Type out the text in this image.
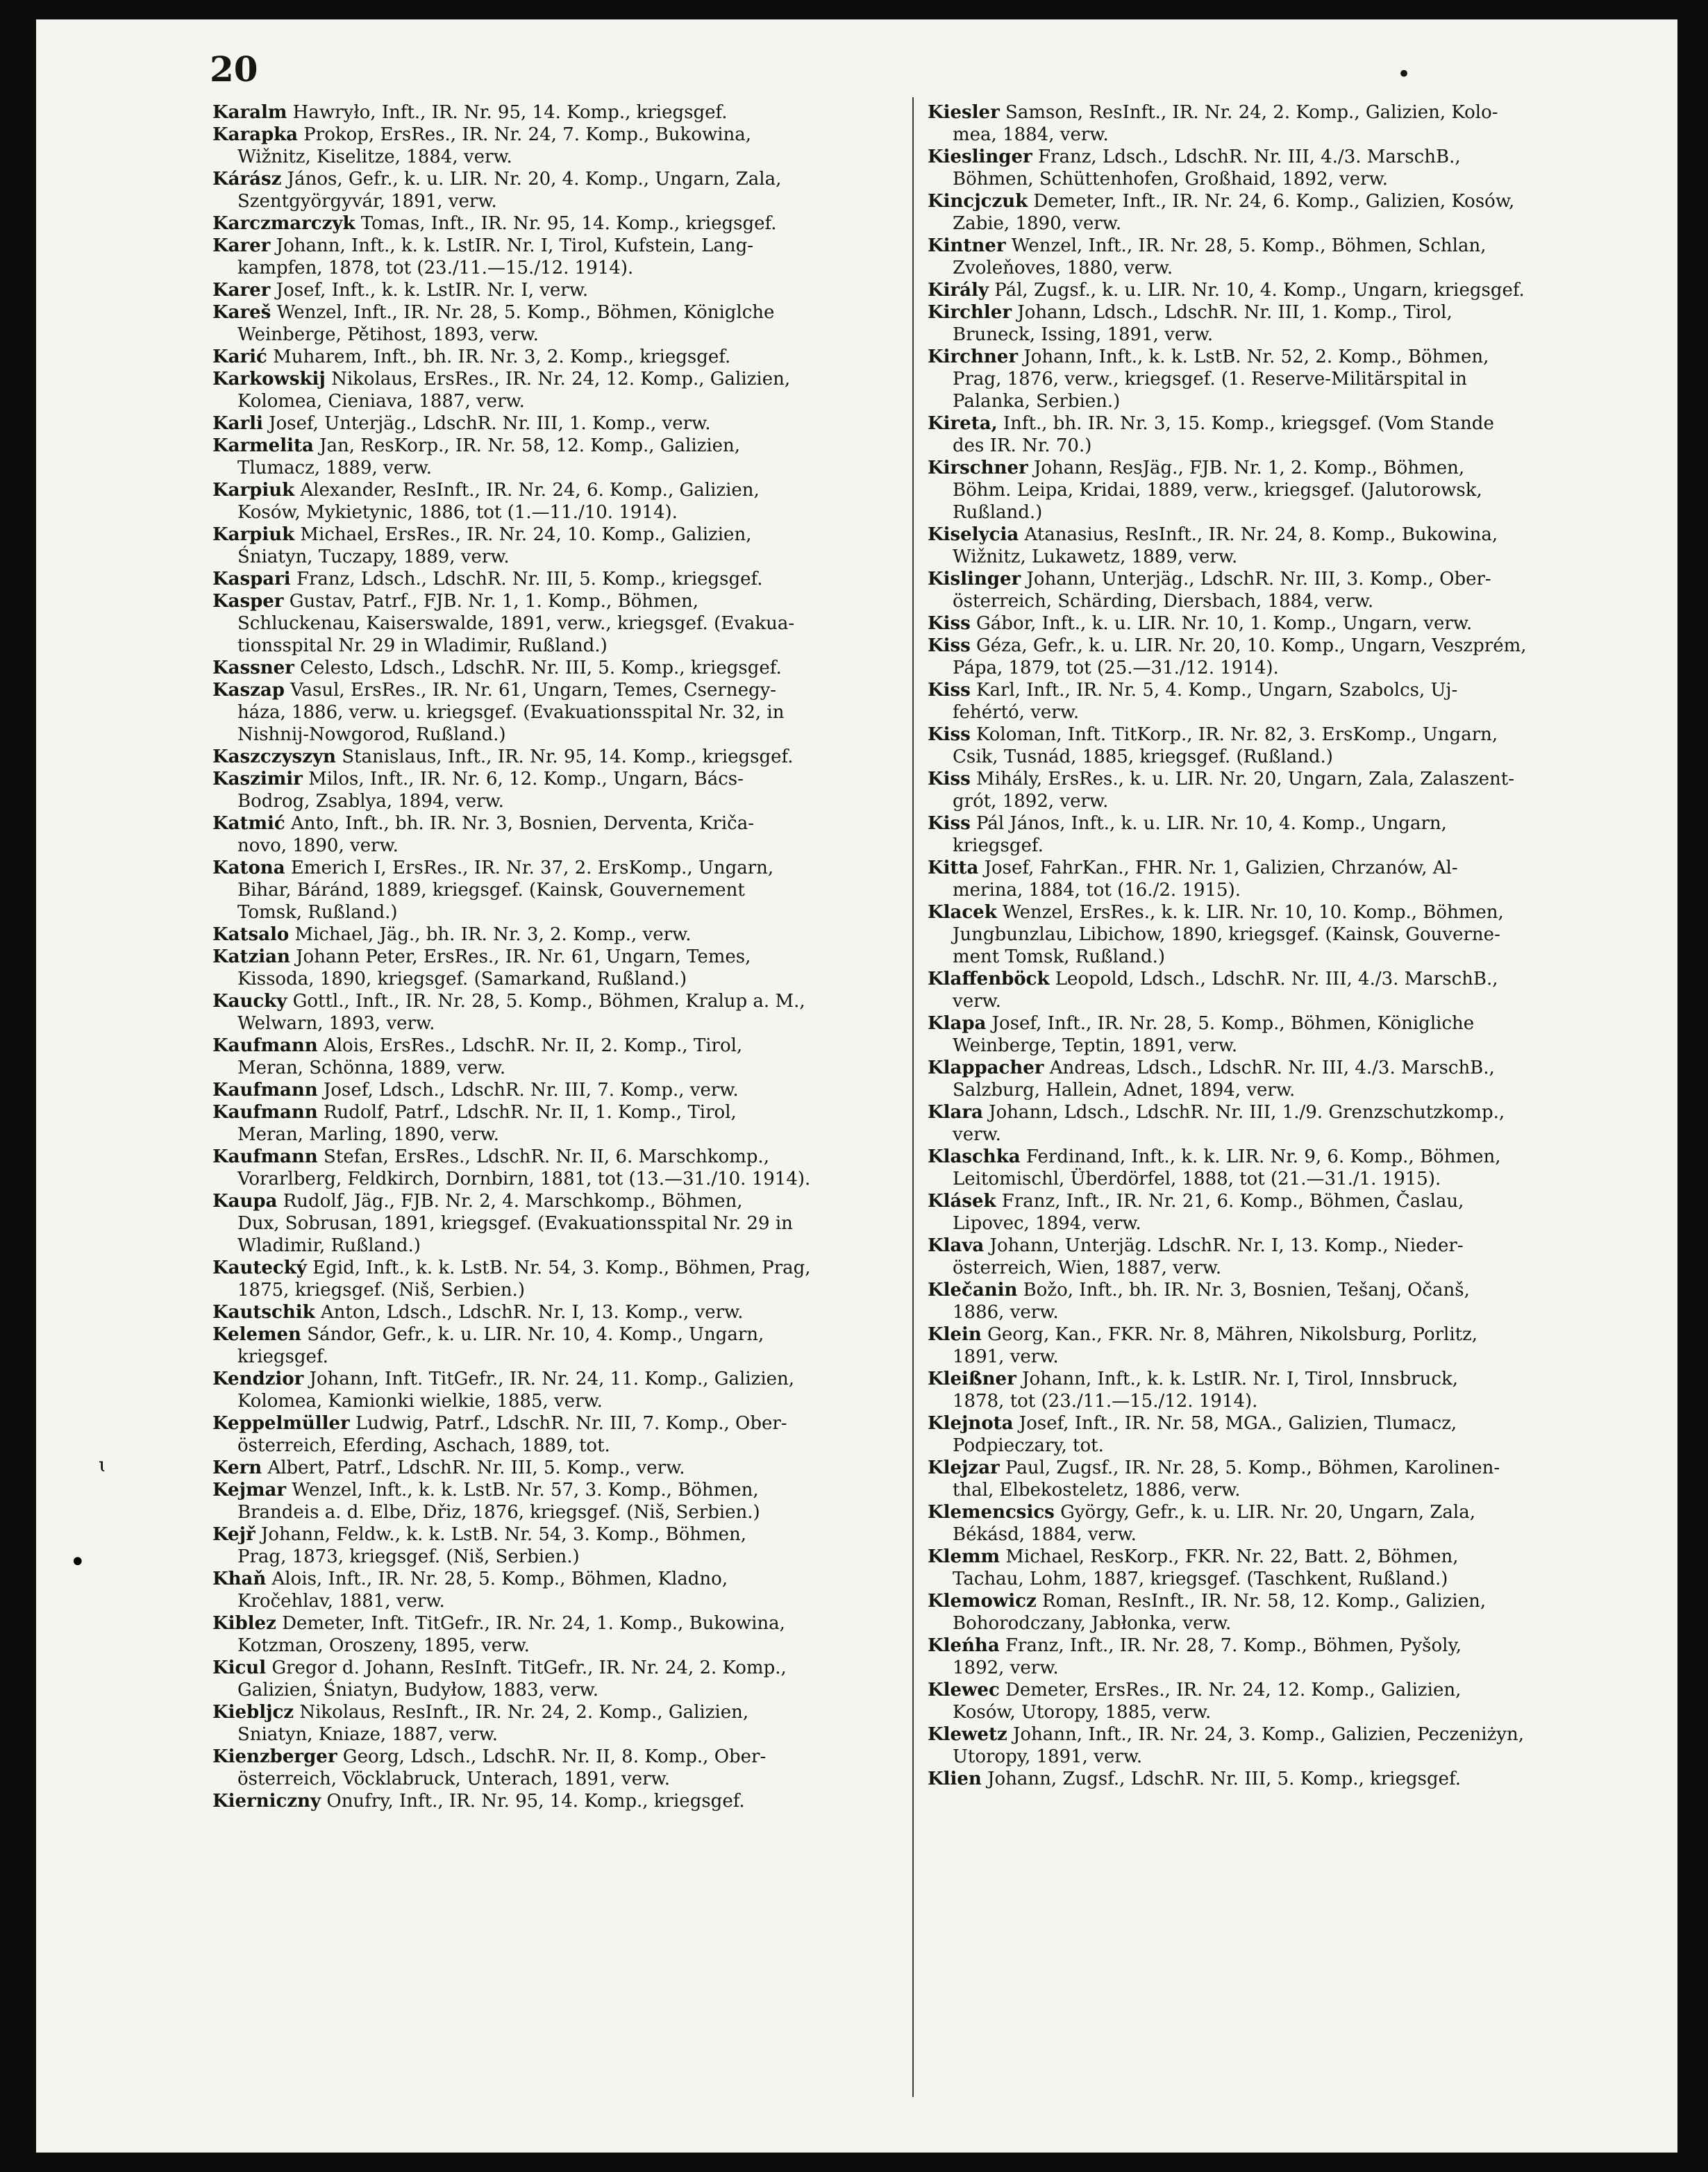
20	•

Karalm Hawryło, Inft., IR. Nr. 95, 14. Komp., kriegsgef.

Karapka Prokop, ErsRes., IR. Nr. 24, 7. Komp., Bukowina,
Wižnitz, Kiselitze, 1884, verw.

Kárász János, Gefr., k. u. LIR. Nr. 20, 4. Komp., Ungarn, Zala,
Szentgyörgyvár, 1891, verw.

Karczmarczyk Tomas, Inft., IR. Nr. 95, 14. Komp., kriegsgef.

Karer Johann, Inft., k. k. LstIR. Nr. I, Tirol, Kufstein, Lang-
kampfen, 1878, tot (23./11.—15./12. 1914).

Karer Josef, Inft., k. k. LstIR. Nr. I, verw.

Kareš Wenzel, Inft., IR. Nr. 28, 5. Komp., Böhmen, Königlche
Weinberge, Pětihost, 1893, verw.

Karić Muharem, Inft., bh. IR. Nr. 3, 2. Komp., kriegsgef.

Karkowskij Nikolaus, ErsRes., IR. Nr. 24, 12. Komp., Galizien,
Kolomea, Cieniava, 1887, verw.

Karli Josef, Unterjäg., LdschR. Nr. III, 1. Komp., verw.

Karmelita Jan, ResKorp., IR. Nr. 58, 12. Komp., Galizien,
Tlumacz, 1889, verw.

Karpiuk Alexander, ResInft., IR. Nr. 24, 6. Komp., Galizien,
Kosów, Mykietynic, 1886, tot (1.—11./10. 1914).

Karpiuk Michael, ErsRes., IR. Nr. 24, 10. Komp., Galizien,
Śniatyn, Tuczapy, 1889, verw.

Kaspari Franz, Ldsch., LdschR. Nr. III, 5. Komp., kriegsgef.

Kasper Gustav, Patrf., FJB. Nr. 1, 1. Komp., Böhmen,
Schluckenau, Kaiserswalde, 1891, verw., kriegsgef. (Evakua-
tionsspital Nr. 29 in Wladimir, Rußland.)

Kassner Celesto, Ldsch., LdschR. Nr. III, 5. Komp., kriegsgef.

Kaszap Vasul, ErsRes., IR. Nr. 61, Ungarn, Temes, Csernegy-
háza, 1886, verw. u. kriegsgef. (Evakuationsspital Nr. 32, in
Nishnij-Nowgorod, Rußland.)

Kaszczyszyn Stanislaus, Inft., IR. Nr. 95, 14. Komp., kriegsgef.

Kaszimir Milos, Inft., IR. Nr. 6, 12. Komp., Ungarn, Bács-
Bodrog, Zsablya, 1894, verw.

Katmić Anto, Inft., bh. IR. Nr. 3, Bosnien, Derventa, Kriča-
novo, 1890, verw.

Katona Emerich I, ErsRes., IR. Nr. 37, 2. ErsKomp., Ungarn,
Bihar, Báránd, 1889, kriegsgef. (Kainsk, Gouvernement
Tomsk, Rußland.)

Katsalo Michael, Jäg., bh. IR. Nr. 3, 2. Komp., verw.

Katzian Johann Peter, ErsRes., IR. Nr. 61, Ungarn, Temes,
Kissoda, 1890, kriegsgef. (Samarkand, Rußland.)

Kaucky Gottl., Inft., IR. Nr. 28, 5. Komp., Böhmen, Kralup a. M.,
Welwarn, 1893, verw.

Kaufmann Alois, ErsRes., LdschR. Nr. II, 2. Komp., Tirol,
Meran, Schönna, 1889, verw.

Kaufmann Josef, Ldsch., LdschR. Nr. III, 7. Komp., verw.

Kaufmann Rudolf, Patrf., LdschR. Nr. II, 1. Komp., Tirol,
Meran, Marling, 1890, verw.

Kaufmann Stefan, ErsRes., LdschR. Nr. II, 6. Marschkomp.,
Vorarlberg, Feldkirch, Dornbirn, 1881, tot (13.—31./10. 1914).

Kaupa Rudolf, Jäg., FJB. Nr. 2, 4. Marschkomp., Böhmen,
Dux, Sobrusan, 1891, kriegsgef. (Evakuationsspital Nr. 29 in
Wladimir, Rußland.)

Kautecký Egid, Inft., k. k. LstB. Nr. 54, 3. Komp., Böhmen, Prag,
1875, kriegsgef. (Niš, Serbien.)

Kautschik Anton, Ldsch., LdschR. Nr. I, 13. Komp., verw.

Kelemen Sándor, Gefr., k. u. LIR. Nr. 10, 4. Komp., Ungarn,
kriegsgef.

Kendzior Johann, Inft. TitGefr., IR. Nr. 24, 11. Komp., Galizien,
Kolomea, Kamionki wielkie, 1885, verw.

Keppelmüller Ludwig, Patrf., LdschR. Nr. III, 7. Komp., Ober-
österreich, Eferding, Aschach, 1889, tot.

Kern Albert, Patrf., LdschR. Nr. III, 5. Komp., verw.

Kejmar Wenzel, Inft., k. k. LstB. Nr. 57, 3. Komp., Böhmen,
Brandeis a. d. Elbe, Dřiz, 1876, kriegsgef. (Niš, Serbien.)

Kejř Johann, Feldw., k. k. LstB. Nr. 54, 3. Komp., Böhmen,
Prag, 1873, kriegsgef. (Niš, Serbien.)

Khaň Alois, Inft., IR. Nr. 28, 5. Komp., Böhmen, Kladno,
Kročehlav, 1881, verw.

Kiblez Demeter, Inft. TitGefr., IR. Nr. 24, 1. Komp., Bukowina,
Kotzman, Oroszeny, 1895, verw.

Kicul Gregor d. Johann, ResInft. TitGefr., IR. Nr. 24, 2. Komp.,
Galizien, Śniatyn, Budyłow, 1883, verw.

Kiebljcz Nikolaus, ResInft., IR. Nr. 24, 2. Komp., Galizien,
Sniatyn, Kniaze, 1887, verw.

Kienzberger Georg, Ldsch., LdschR. Nr. II, 8. Komp., Ober-
österreich, Vöcklabruck, Unterach, 1891, verw.

Kierniczny Onufry, Inft., IR. Nr. 95, 14. Komp., kriegsgef.

Kiesler Samson, ResInft., IR. Nr. 24, 2. Komp., Galizien, Kolo-
mea, 1884, verw.

Kieslinger Franz, Ldsch., LdschR. Nr. III, 4./3. MarschB.,
Böhmen, Schüttenhofen, Großhaid, 1892, verw.

Kincjczuk Demeter, Inft., IR. Nr. 24, 6. Komp., Galizien, Kosów,
Zabie, 1890, verw.

Kintner Wenzel, Inft., IR. Nr. 28, 5. Komp., Böhmen, Schlan,
Zvoleňoves, 1880, verw.

Király Pál, Zugsf., k. u. LIR. Nr. 10, 4. Komp., Ungarn, kriegsgef.

Kirchler Johann, Ldsch., LdschR. Nr. III, 1. Komp., Tirol,
Bruneck, Issing, 1891, verw.

Kirchner Johann, Inft., k. k. LstB. Nr. 52, 2. Komp., Böhmen,
Prag, 1876, verw., kriegsgef. (1. Reserve-Militärspital in
Palanka, Serbien.)

Kireta, Inft., bh. IR. Nr. 3, 15. Komp., kriegsgef. (Vom Stande
des IR. Nr. 70.)

Kirschner Johann, ResJäg., FJB. Nr. 1, 2. Komp., Böhmen,
Böhm. Leipa, Kridai, 1889, verw., kriegsgef. (Jalutorowsk,
Rußland.)

Kiselycia Atanasius, ResInft., IR. Nr. 24, 8. Komp., Bukowina,
Wižnitz, Lukawetz, 1889, verw.

Kislinger Johann, Unterjäg., LdschR. Nr. III, 3. Komp., Ober-
österreich, Schärding, Diersbach, 1884, verw.

Kiss Gábor, Inft., k. u. LIR. Nr. 10, 1. Komp., Ungarn, verw.

Kiss Géza, Gefr., k. u. LIR. Nr. 20, 10. Komp., Ungarn, Veszprém,
Pápa, 1879, tot (25.—31./12. 1914).

Kiss Karl, Inft., IR. Nr. 5, 4. Komp., Ungarn, Szabolcs, Uj-
fehértó, verw.

Kiss Koloman, Inft. TitKorp., IR. Nr. 82, 3. ErsKomp., Ungarn,
Csik, Tusnád, 1885, kriegsgef. (Rußland.)

Kiss Mihály, ErsRes., k. u. LIR. Nr. 20, Ungarn, Zala, Zalaszent-
grót, 1892, verw.

Kiss Pál János, Inft., k. u. LIR. Nr. 10, 4. Komp., Ungarn,
kriegsgef.

Kitta Josef, FahrKan., FHR. Nr. 1, Galizien, Chrzanów, Al-
merina, 1884, tot (16./2. 1915).

Klacek Wenzel, ErsRes., k. k. LIR. Nr. 10, 10. Komp., Böhmen,
Jungbunzlau, Libichow, 1890, kriegsgef. (Kainsk, Gouverne-
ment Tomsk, Rußland.)

Klaffenböck Leopold, Ldsch., LdschR. Nr. III, 4./3. MarschB.,
verw.

Klapa Josef, Inft., IR. Nr. 28, 5. Komp., Böhmen, Königliche
Weinberge, Teptin, 1891, verw.

Klappacher Andreas, Ldsch., LdschR. Nr. III, 4./3. MarschB.,
Salzburg, Hallein, Adnet, 1894, verw.

Klara Johann, Ldsch., LdschR. Nr. III, 1./9. Grenzschutzkomp.,
verw.

Klaschka Ferdinand, Inft., k. k. LIR. Nr. 9, 6. Komp., Böhmen,
Leitomischl, Überdörfel, 1888, tot (21.—31./1. 1915).

Klásek Franz, Inft., IR. Nr. 21, 6. Komp., Böhmen, Časlau,
Lipovec, 1894, verw.

Klava Johann, Unterjäg. LdschR. Nr. I, 13. Komp., Nieder-
österreich, Wien, 1887, verw.

Klečanin Božo, Inft., bh. IR. Nr. 3, Bosnien, Tešanj, Očanš,
1886, verw.

Klein Georg, Kan., FKR. Nr. 8, Mähren, Nikolsburg, Porlitz,
1891, verw.

Kleißner Johann, Inft., k. k. LstIR. Nr. I, Tirol, Innsbruck,
1878, tot (23./11.—15./12. 1914).

Klejnota Josef, Inft., IR. Nr. 58, MGA., Galizien, Tlumacz,
Podpieczary, tot.

Klejzar Paul, Zugsf., IR. Nr. 28, 5. Komp., Böhmen, Karolinen-
thal, Elbekosteletz, 1886, verw.

Klemencsics György, Gefr., k. u. LIR. Nr. 20, Ungarn, Zala,
Békásd, 1884, verw.

Klemm Michael, ResKorp., FKR. Nr. 22, Batt. 2, Böhmen,
Tachau, Lohm, 1887, kriegsgef. (Taschkent, Rußland.)

Klemowicz Roman, ResInft., IR. Nr. 58, 12. Komp., Galizien,
Bohorodczany, Jabłonka, verw.

Kleńha Franz, Inft., IR. Nr. 28, 7. Komp., Böhmen, Pyšoly,
1892, verw.

Klewec Demeter, ErsRes., IR. Nr. 24, 12. Komp., Galizien,
Kosów, Utoropy, 1885, verw.

Klewetz Johann, Inft., IR. Nr. 24, 3. Komp., Galizien, Peczeniżyn,
Utoropy, 1891, verw.

Klien Johann, Zugsf., LdschR. Nr. III, 5. Komp., kriegsgef.

ɩ
•
